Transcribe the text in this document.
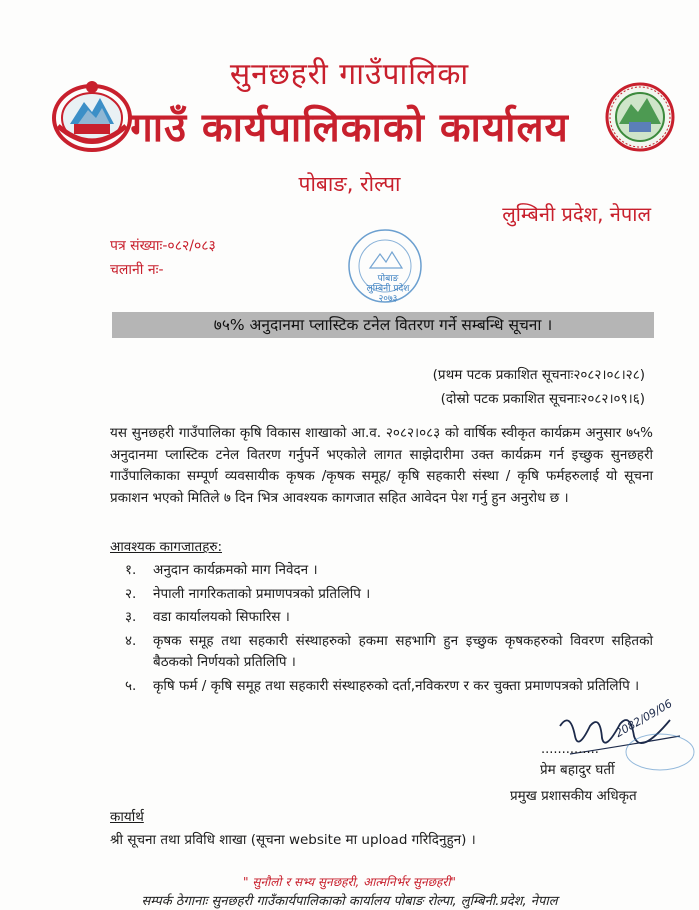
सुनछहरी गाउँपालिका
गाउँ कार्यपालिकाको कार्यालय
पोबाङ, रोल्पा
लुम्बिनी प्रदेश, नेपाल
पत्र संख्याः-०८२/०८३
चलानी नः-
पोबाङ
लुम्बिनी प्रदेश
२०७३
७५% अनुदानमा प्लास्टिक टनेल वितरण गर्ने सम्बन्धि सूचना ।
(प्रथम पटक प्रकाशित सूचनाः२०८२।०८।२८)
(दोस्रो पटक प्रकाशित सूचनाः२०८२।०९।६)
यस सुनछहरी गाउँपालिका कृषि विकास शाखाको आ.व. २०८२।०८३ को वार्षिक स्वीकृत कार्यक्रम अनुसार ७५% अनुदानमा प्लास्टिक टनेल वितरण गर्नुपर्ने भएकोले लागत साझेदारीमा उक्त कार्यक्रम गर्न इच्छुक सुनछहरी गाउँपालिकाका सम्पूर्ण व्यवसायीक कृषक /कृषक समूह/ कृषि सहकारी संस्था / कृषि फर्महरुलाई यो सूचना प्रकाशन भएको मितिले ७ दिन भित्र आवश्यक कागजात सहित आवेदन पेश गर्नु हुन अनुरोध छ ।
आवश्यक कागजातहरु:
१.	अनुदान कार्यक्रमको माग निवेदन ।
२.	नेपाली नागरिकताको प्रमाणपत्रको प्रतिलिपि ।
३.	वडा कार्यालयको सिफारिस ।
४.	कृषक समूह तथा सहकारी संस्थाहरुको हकमा सहभागि हुन इच्छुक कृषकहरुको विवरण सहितको बैठकको निर्णयको प्रतिलिपि ।
५.	कृषि फर्म / कृषि समूह तथा सहकारी संस्थाहरुको दर्ता,नविकरण र कर चुक्ता प्रमाणपत्रको प्रतिलिपि ।
2082/09/06
..............
प्रेम बहादुर घर्ती
प्रमुख प्रशासकीय अधिकृत
कार्यार्थ
श्री सूचना तथा प्रविधि शाखा (सूचना website मा upload गरिदिनुहुन) ।
" सुनौलो र सभ्य सुनछहरी, आत्मनिर्भर सुनछहरी"
सम्पर्क ठेगानाः सुनछहरी गाउँकार्यपालिकाको कार्यालय पोबाङ रोल्पा, लुम्बिनी.प्रदेश, नेपाल
